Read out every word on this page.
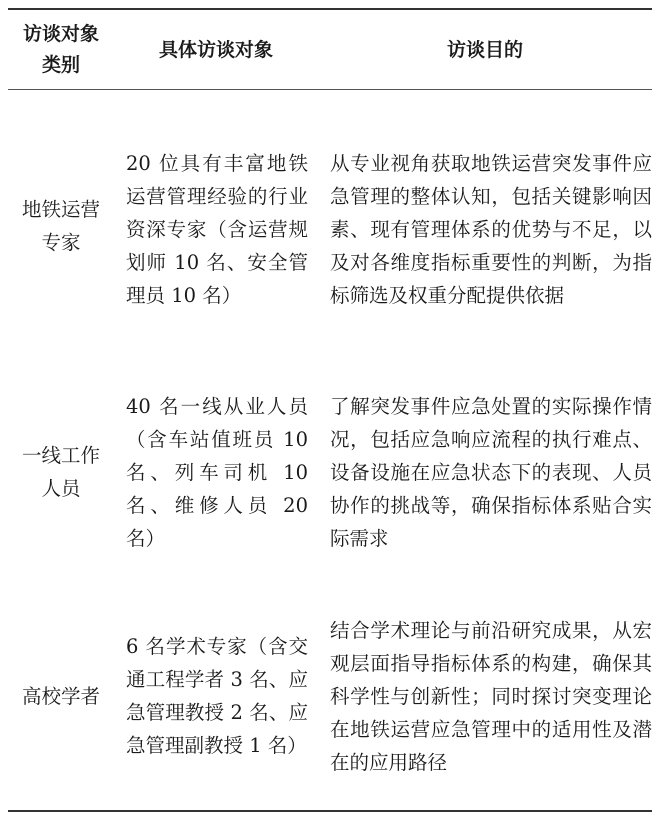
访谈对象类别	具体访谈对象	访谈目的
地铁运营专家	20 位具有丰富地铁运营管理经验的行业资深专家（含运营规划师 10 名、安全管理员 10 名）	从专业视角获取地铁运营突发事件应急管理的整体认知，包括关键影响因素、现有管理体系的优势与不足，以及对各维度指标重要性的判断，为指标筛选及权重分配提供依据
一线工作人员	40 名一线从业人员（含车站值班员 10 名、列车司机 10 名、维修人员 20 名）	了解突发事件应急处置的实际操作情况，包括应急响应流程的执行难点、设备设施在应急状态下的表现、人员协作的挑战等，确保指标体系贴合实际需求
高校学者	6 名学术专家（含交通工程学者 3 名、应急管理教授 2 名、应急管理副教授 1 名）	结合学术理论与前沿研究成果，从宏观层面指导指标体系的构建，确保其科学性与创新性；同时探讨突变理论在地铁运营应急管理中的适用性及潜在的应用路径
